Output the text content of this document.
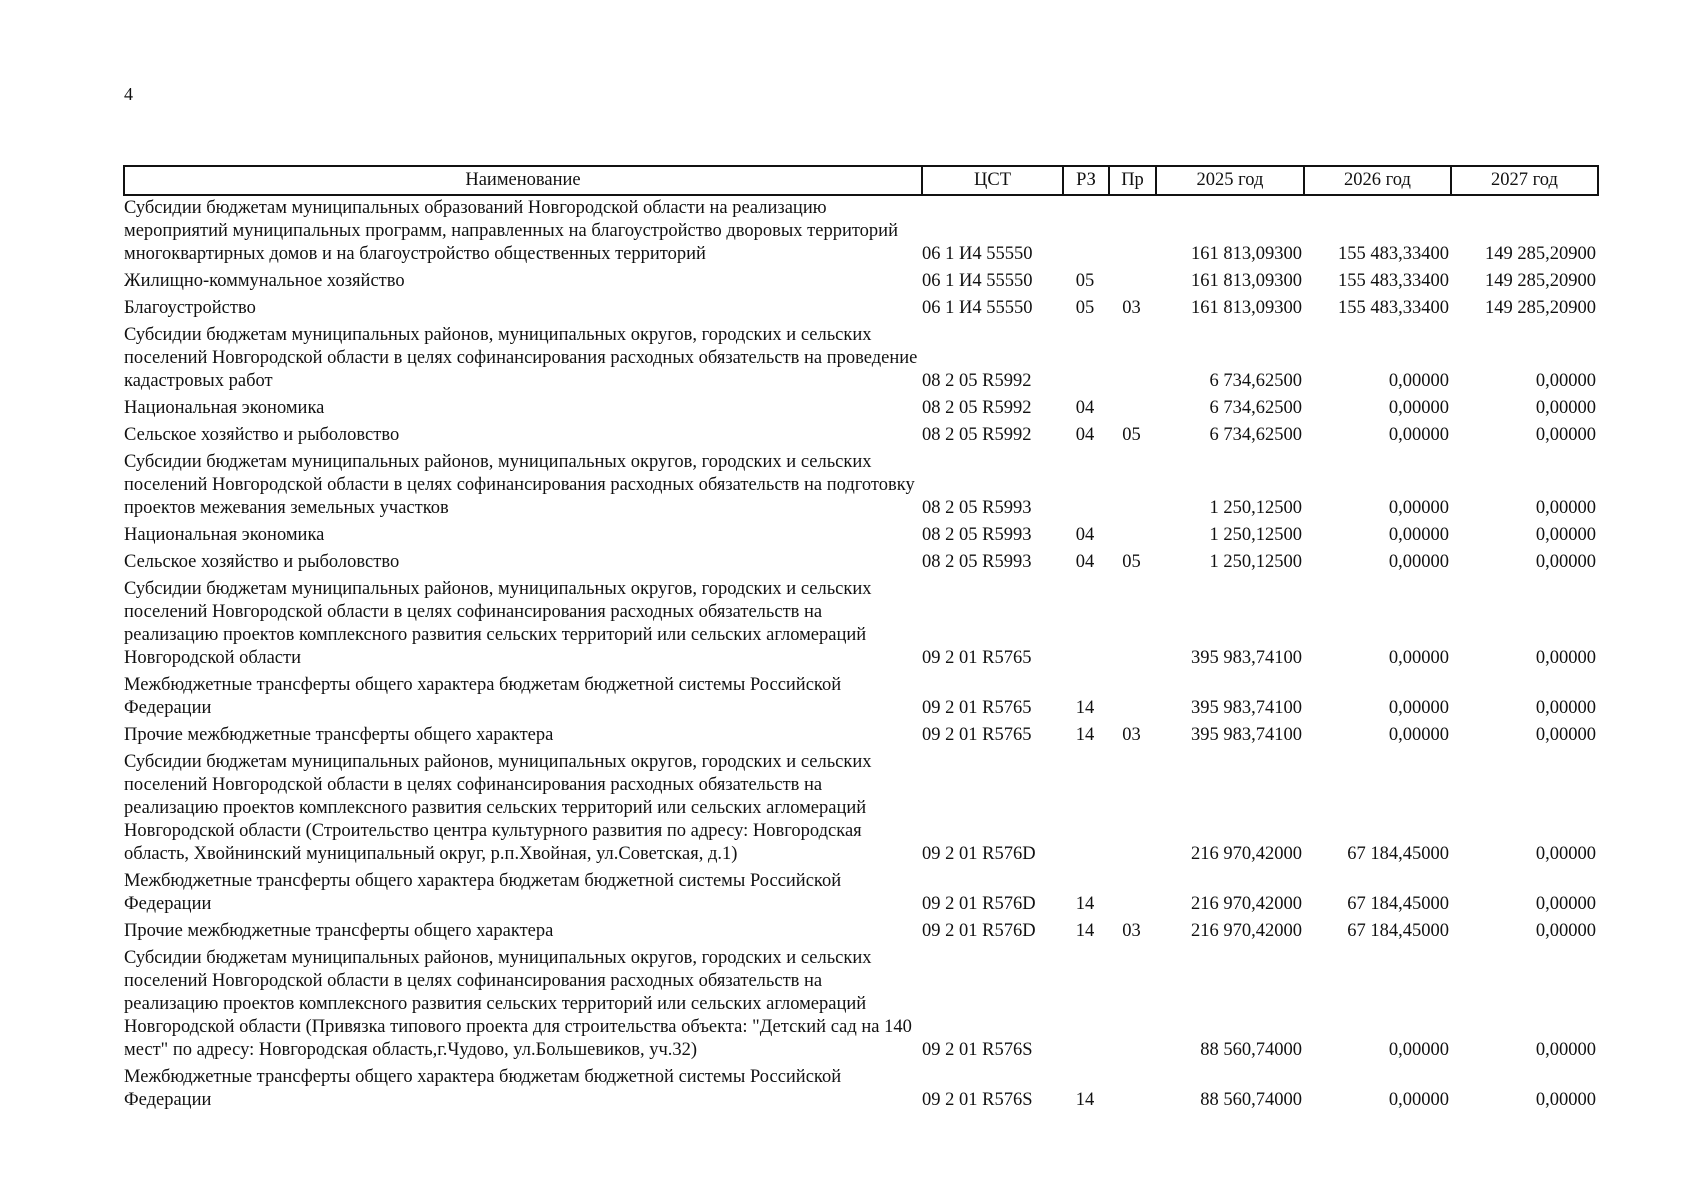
4
Наименование	ЦСТ	РЗ	Пр	2025 год	2026 год	2027 год
Субсидии бюджетам муниципальных образований Новгородской области на реализацию мероприятий муниципальных программ, направленных на благоустройство дворовых территорий многоквартирных домов и на благоустройство общественных территорий	06 1 И4 55550			161 813,09300	155 483,33400	149 285,20900
Жилищно-коммунальное хозяйство	06 1 И4 55550	05		161 813,09300	155 483,33400	149 285,20900
Благоустройство	06 1 И4 55550	05	03	161 813,09300	155 483,33400	149 285,20900
Субсидии бюджетам муниципальных районов, муниципальных округов, городских и сельских поселений Новгородской области в целях софинансирования расходных обязательств на проведение кадастровых работ	08 2 05 R5992			6 734,62500	0,00000	0,00000
Национальная экономика	08 2 05 R5992	04		6 734,62500	0,00000	0,00000
Сельское хозяйство и рыболовство	08 2 05 R5992	04	05	6 734,62500	0,00000	0,00000
Субсидии бюджетам муниципальных районов, муниципальных округов, городских и сельских поселений Новгородской области в целях софинансирования расходных обязательств на подготовку проектов межевания земельных участков	08 2 05 R5993			1 250,12500	0,00000	0,00000
Национальная экономика	08 2 05 R5993	04		1 250,12500	0,00000	0,00000
Сельское хозяйство и рыболовство	08 2 05 R5993	04	05	1 250,12500	0,00000	0,00000
Субсидии бюджетам муниципальных районов, муниципальных округов, городских и сельских поселений Новгородской области в целях софинансирования расходных обязательств на реализацию проектов комплексного развития сельских территорий или сельских агломераций Новгородской области	09 2 01 R5765			395 983,74100	0,00000	0,00000
Межбюджетные трансферты общего характера бюджетам бюджетной системы Российской Федерации	09 2 01 R5765	14		395 983,74100	0,00000	0,00000
Прочие межбюджетные трансферты общего характера	09 2 01 R5765	14	03	395 983,74100	0,00000	0,00000
Субсидии бюджетам муниципальных районов, муниципальных округов, городских и сельских поселений Новгородской области в целях софинансирования расходных обязательств на реализацию проектов комплексного развития сельских территорий или сельских агломераций Новгородской области (Строительство центра культурного развития по адресу: Новгородская область, Хвойнинский муниципальный округ, р.п.Хвойная, ул.Советская, д.1)	09 2 01 R576D			216 970,42000	67 184,45000	0,00000
Межбюджетные трансферты общего характера бюджетам бюджетной системы Российской Федерации	09 2 01 R576D	14		216 970,42000	67 184,45000	0,00000
Прочие межбюджетные трансферты общего характера	09 2 01 R576D	14	03	216 970,42000	67 184,45000	0,00000
Субсидии бюджетам муниципальных районов, муниципальных округов, городских и сельских поселений Новгородской области в целях софинансирования расходных обязательств на реализацию проектов комплексного развития сельских территорий или сельских агломераций Новгородской области (Привязка типового проекта для строительства объекта: "Детский сад на 140 мест" по адресу: Новгородская область,г.Чудово, ул.Большевиков, уч.32)	09 2 01 R576S			88 560,74000	0,00000	0,00000
Межбюджетные трансферты общего характера бюджетам бюджетной системы Российской Федерации	09 2 01 R576S	14		88 560,74000	0,00000	0,00000
